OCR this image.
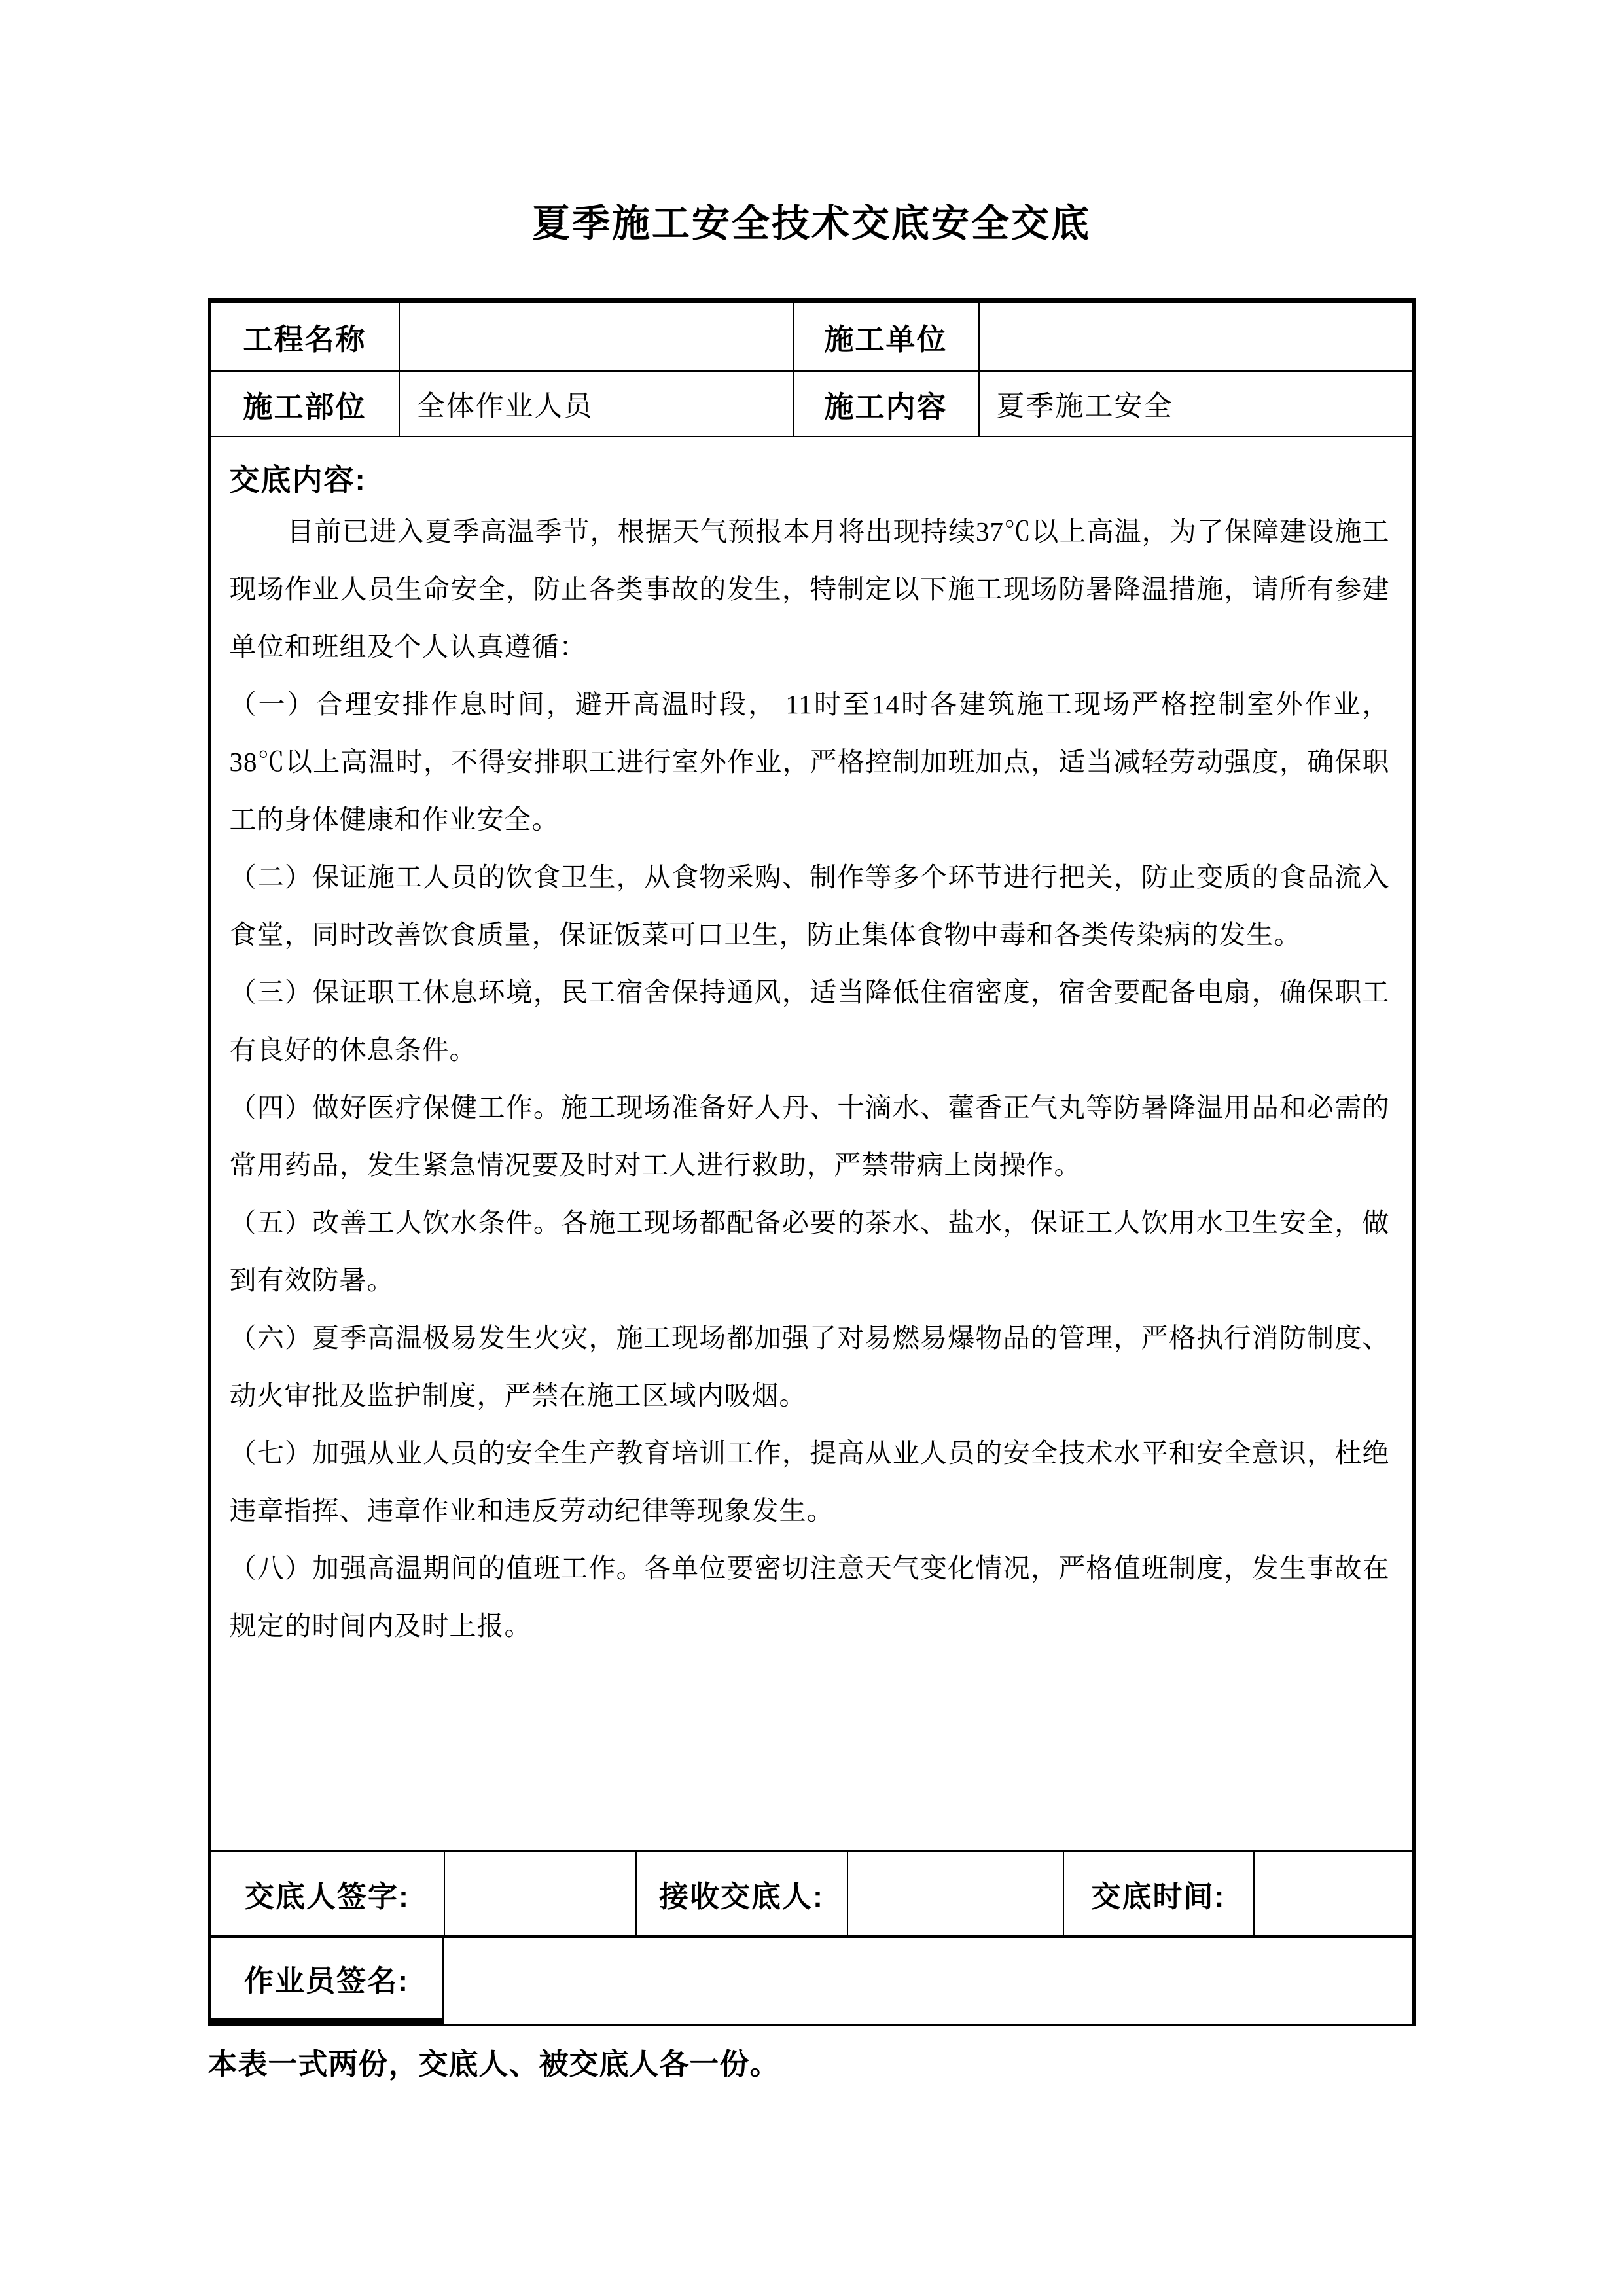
夏季施工安全技术交底安全交底
工程名称	施工单位
施工部位	全体作业人员	施工内容	夏季施工安全
交底内容:

目前已进入夏季高温季节，根据天气预报本月将出现持续37℃以上高温，为了保障建设施工现场作业人员生命安全，防止各类事故的发生，特制定以下施工现场防暑降温措施，请所有参建单位和班组及个人认真遵循：

（一）合理安排作息时间，避开高温时段， 11时至14时各建筑施工现场严格控制室外作业，38℃以上高温时，不得安排职工进行室外作业，严格控制加班加点，适当减轻劳动强度，确保职工的身体健康和作业安全。

（二）保证施工人员的饮食卫生，从食物采购、制作等多个环节进行把关，防止变质的食品流入食堂，同时改善饮食质量，保证饭菜可口卫生，防止集体食物中毒和各类传染病的发生。

（三）保证职工休息环境，民工宿舍保持通风，适当降低住宿密度，宿舍要配备电扇，确保职工有良好的休息条件。

（四）做好医疗保健工作。施工现场准备好人丹、十滴水、藿香正气丸等防暑降温用品和必需的常用药品，发生紧急情况要及时对工人进行救助，严禁带病上岗操作。

（五）改善工人饮水条件。各施工现场都配备必要的茶水、盐水，保证工人饮用水卫生安全，做到有效防暑。

（六）夏季高温极易发生火灾，施工现场都加强了对易燃易爆物品的管理，严格执行消防制度、动火审批及监护制度，严禁在施工区域内吸烟。

（七）加强从业人员的安全生产教育培训工作，提高从业人员的安全技术水平和安全意识，杜绝违章指挥、违章作业和违反劳动纪律等现象发生。

（八）加强高温期间的值班工作。各单位要密切注意天气变化情况，严格值班制度，发生事故在规定的时间内及时上报。

交底人签字:	接收交底人:	交底时间:
作业员签名:
本表一式两份，交底人、被交底人各一份。
